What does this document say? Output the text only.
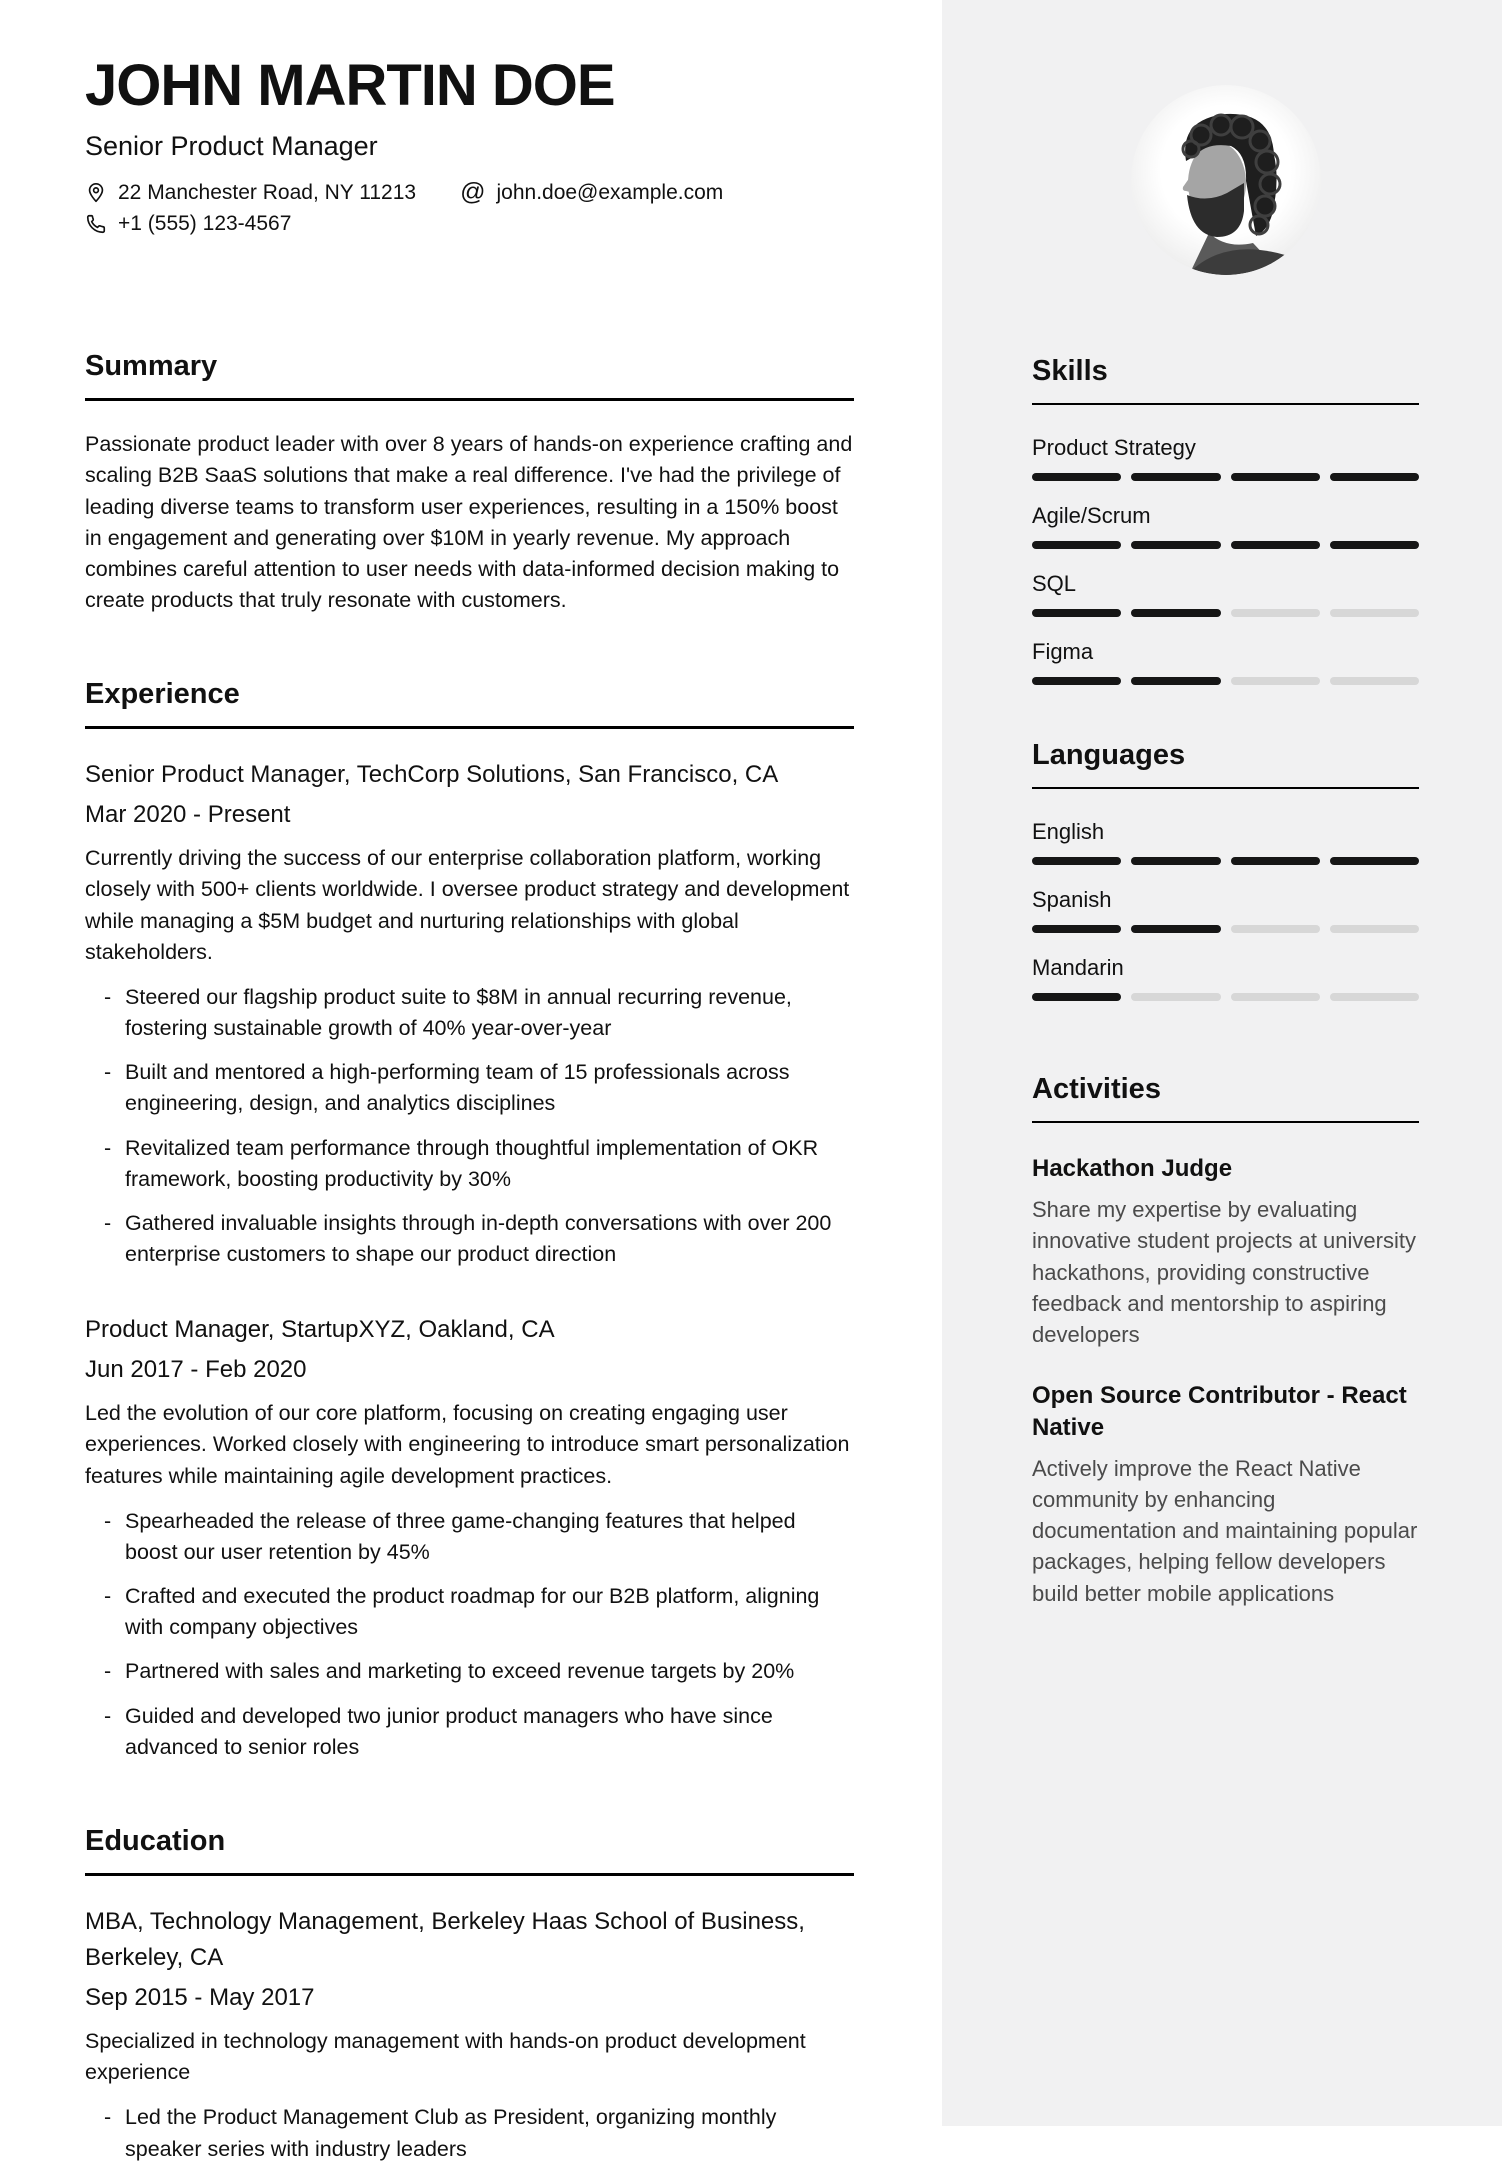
JOHN MARTIN DOE
Senior Product Manager
22 Manchester Road, NY 11213 @ john.doe@example.com
+1 (555) 123-4567
Summary

Passionate product leader with over 8 years of hands-on experience crafting and scaling B2B SaaS solutions that make a real difference. I've had the privilege of leading diverse teams to transform user experiences, resulting in a 150% boost in engagement and generating over $10M in yearly revenue. My approach combines careful attention to user needs with data-informed decision making to create products that truly resonate with customers.

Experience
Senior Product Manager, TechCorp Solutions, San Francisco, CA
Mar 2020 - Present

Currently driving the success of our enterprise collaboration platform, working closely with 500+ clients worldwide. I oversee product strategy and development while managing a $5M budget and nurturing relationships with global stakeholders.

- Steered our flagship product suite to $8M in annual recurring revenue, fostering sustainable growth of 40% year-over-year
- Built and mentored a high-performing team of 15 professionals across engineering, design, and analytics disciplines
- Revitalized team performance through thoughtful implementation of OKR framework, boosting productivity by 30%
- Gathered invaluable insights through in-depth conversations with over 200 enterprise customers to shape our product direction
Product Manager, StartupXYZ, Oakland, CA
Jun 2017 - Feb 2020

Led the evolution of our core platform, focusing on creating engaging user experiences. Worked closely with engineering to introduce smart personalization features while maintaining agile development practices.

- Spearheaded the release of three game-changing features that helped boost our user retention by 45%
- Crafted and executed the product roadmap for our B2B platform, aligning with company objectives
- Partnered with sales and marketing to exceed revenue targets by 20%
- Guided and developed two junior product managers who have since advanced to senior roles
Education
MBA, Technology Management, Berkeley Haas School of Business, Berkeley, CA
Sep 2015 - May 2017

Specialized in technology management with hands-on product development experience

- Led the Product Management Club as President, organizing monthly speaker series with industry leaders
Skills
Product Strategy
Agile/Scrum
SQL
Figma
Languages
English
Spanish
Mandarin
Activities
Hackathon Judge
Share my expertise by evaluating innovative student projects at university hackathons, providing constructive feedback and mentorship to aspiring developers
Open Source Contributor - React Native
Actively improve the React Native community by enhancing documentation and maintaining popular packages, helping fellow developers build better mobile applications
